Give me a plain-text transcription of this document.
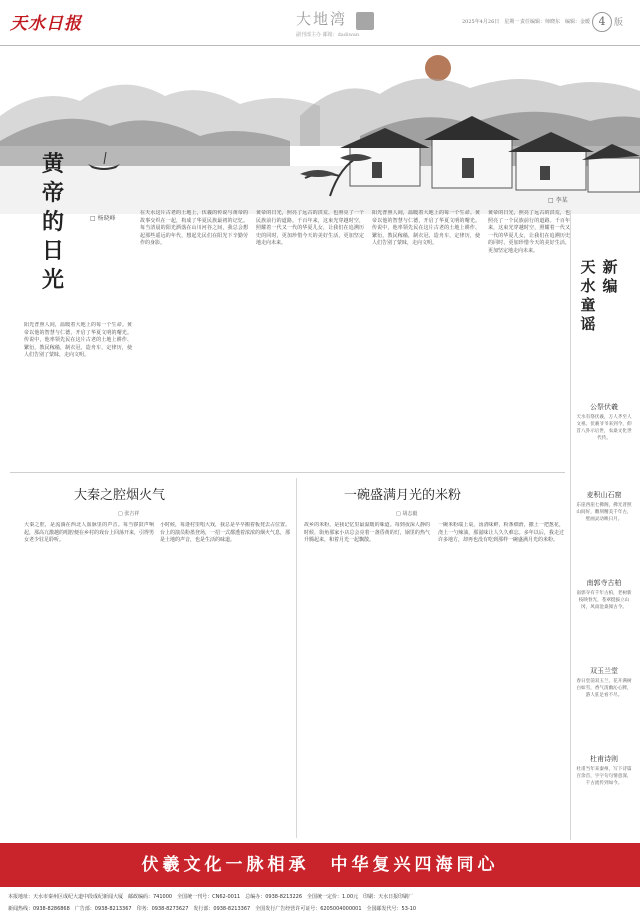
天水日报	大地湾
副刊部主办 邮箱：dadiwan
2025年4月26日　星期一 责任编辑：师晓东　编辑：金暖 4 版
黄帝的日光
□ 杨晓峰
□ 李某
新编
天水童谣

阳光普照人间，温暖着大地上的每一个生命。黄帝以他的智慧与仁德，开启了华夏文明的曙光。传说中，他率领先民在这片古老的土地上耕作、繁衍，教民稼穑，制衣冠，造舟车，定律历，使人们告别了蒙昧，走向文明。

在天水这片古老的土地上，伏羲的传说与黄帝的故事交织在一起，构成了华夏民族最初的记忆。每当清晨的阳光洒落在山川河谷之间，我总会想起那些遥远的年代，想起先民们在阳光下辛勤劳作的身影。

黄帝的日光，照亮了远古的洪荒，也照亮了一个民族前行的道路。千百年来，这束光穿越时空，照耀着一代又一代的华夏儿女，让我们在追溯历史的同时，更加珍惜今天的美好生活，更加坚定地走向未来。

阳光普照人间，温暖着大地上的每一个生命。黄帝以他的智慧与仁德，开启了华夏文明的曙光。传说中，他率领先民在这片古老的土地上耕作、繁衍，教民稼穑，制衣冠，造舟车，定律历，使人们告别了蒙昧，走向文明。

黄帝的日光，照亮了远古的洪荒，也照亮了一个民族前行的道路。千百年来，这束光穿越时空，照耀着一代又一代的华夏儿女，让我们在追溯历史的同时，更加珍惜今天的美好生活，更加坚定地走向未来。

大秦之腔烟火气
□ 张吉祥

大秦之腔，是流淌在西北人血脉里的声音。每当锣鼓声响起，那高亢激越的唱腔便在乡村的戏台上回荡开来，引得男女老少驻足聆听。

小时候，每逢村里唱大戏，我总是早早搬着板凳去占位置。台上的演员粉墨登场，一招一式都透着浓浓的烟火气息，那是土地的声音，也是生活的味道。

一碗盛满月光的米粉
□ 胡志毅

故乡的米粉，是我记忆里最温暖的味道。每到夜深人静的时候，街角那家小店总会亮着一盏昏黄的灯，锅里的热气升腾起来，和着月光一起飘散。

一碗米粉端上桌，汤清味鲜，粉条细滑，撒上一把葱花，浇上一勺辣油，那滋味让人久久难忘。多年以后，我走过许多地方，却再也没有吃到那样一碗盛满月光的米粉。

公祭伏羲
天水有祭伏羲，万人齐至人文祖。伏羲爷爷来到今，仰首八卦示后世，农桑文化世代传。
麦积山石窟
东崖西崖七佛阁，佛光普照山间好，雕刻精美千年古，壁画灵动映日月。
南郭寺古柏
南郭寺有千年古柏，老树新枝映春光，苍翠挺拔立山冈，风雨沧桑阅古今。
双玉兰堂
春日堂前双玉兰，花开满树白如雪，香气清幽沁心脾，游人驻足看不尽。
杜甫诗则
杜甫当年来秦州，写下诗篇百余首，字字句句情意深，千古流传到如今。
伏羲文化一脉相承　中华复兴四海同心
本报地址：天水市秦州区成纪大道中段成纪新闻大厦　邮政编码：741000　全国统一刊号：CN62-0011　总编办：0938-8213226　全国统一定价：1.00元　印刷：天水日报印刷厂
新闻热线：0938-8286868　广告部：0938-8213367　印务：0938-8273627　发行部：0938-8213367　全国发行广告经营许可证号：6205004000001　全国邮发代号：53-10
